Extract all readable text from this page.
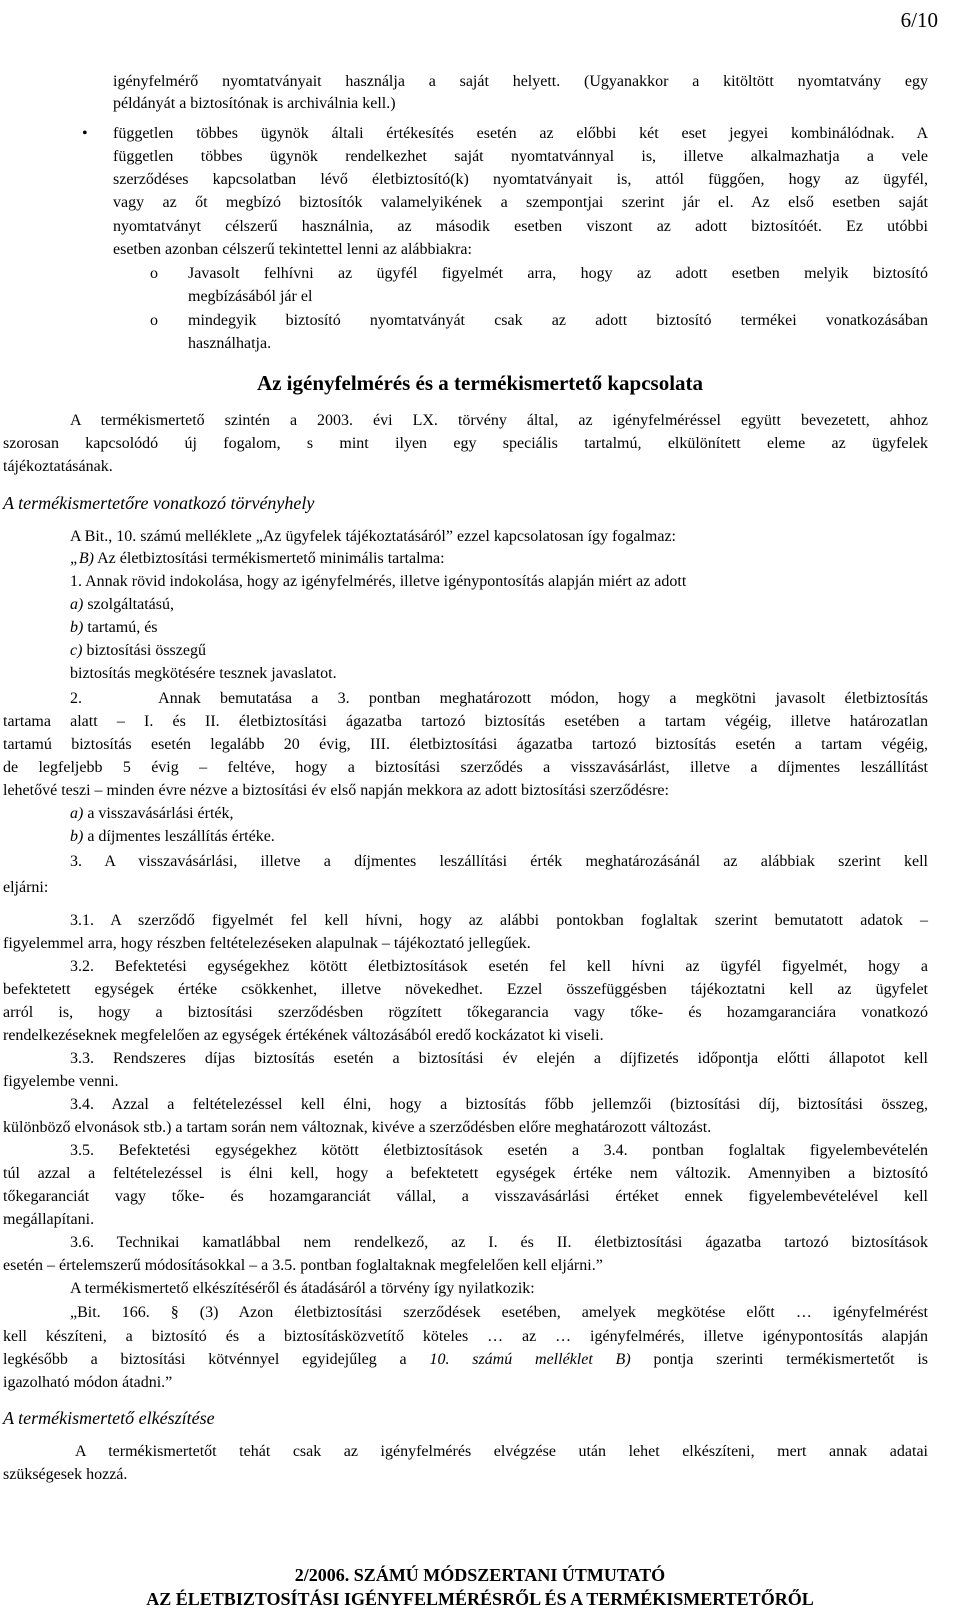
6/10
igényfelmérő nyomtatványait használja a saját helyett. (Ugyanakkor a kitöltött nyomtatvány egy
példányát a biztosítónak is archiválnia kell.)
• független többes ügynök általi értékesítés esetén az előbbi két eset jegyei kombinálódnak. A
független többes ügynök rendelkezhet saját nyomtatvánnyal is, illetve alkalmazhatja a vele
szerződéses kapcsolatban lévő életbiztosító(k) nyomtatványait is, attól függően, hogy az ügyfél,
vagy az őt megbízó biztosítók valamelyikének a szempontjai szerint jár el. Az első esetben saját
nyomtatványt célszerű használnia, az második esetben viszont az adott biztosítóét. Ez utóbbi
esetben azonban célszerű tekintettel lenni az alábbiakra:
o Javasolt felhívni az ügyfél figyelmét arra, hogy az adott esetben melyik biztosító
megbízásából jár el
o mindegyik biztosító nyomtatványát csak az adott biztosító termékei vonatkozásában
használhatja.
Az igényfelmérés és a termékismertető kapcsolata
A termékismertető szintén a 2003. évi LX. törvény által, az igényfelméréssel együtt bevezetett, ahhoz
szorosan kapcsolódó új fogalom, s mint ilyen egy speciális tartalmú, elkülönített eleme az ügyfelek
tájékoztatásának.
A termékismertetőre vonatkozó törvényhely
A Bit., 10. számú melléklete „Az ügyfelek tájékoztatásáról” ezzel kapcsolatosan így fogalmaz:
„B) Az életbiztosítási termékismertető minimális tartalma:
1. Annak rövid indokolása, hogy az igényfelmérés, illetve igénypontosítás alapján miért az adott
a) szolgáltatású,
b) tartamú, és
c) biztosítási összegű
biztosítás megkötésére tesznek javaslatot.
2.    Annak bemutatása a 3. pontban meghatározott módon, hogy a megkötni javasolt életbiztosítás
tartama alatt – I. és II. életbiztosítási ágazatba tartozó biztosítás esetében a tartam végéig, illetve határozatlan
tartamú biztosítás esetén legalább 20 évig, III. életbiztosítási ágazatba tartozó biztosítás esetén a tartam végéig,
de legfeljebb 5 évig – feltéve, hogy a biztosítási szerződés a visszavásárlást, illetve a díjmentes leszállítást
lehetővé teszi – minden évre nézve a biztosítási év első napján mekkora az adott biztosítási szerződésre:
a) a visszavásárlási érték,
b) a díjmentes leszállítás értéke.
3. A visszavásárlási, illetve a díjmentes leszállítási érték meghatározásánál az alábbiak szerint kell
eljárni:
3.1. A szerződő figyelmét fel kell hívni, hogy az alábbi pontokban foglaltak szerint bemutatott adatok –
figyelemmel arra, hogy részben feltételezéseken alapulnak – tájékoztató jellegűek.
3.2. Befektetési egységekhez kötött életbiztosítások esetén fel kell hívni az ügyfél figyelmét, hogy a
befektetett egységek értéke csökkenhet, illetve növekedhet. Ezzel összefüggésben tájékoztatni kell az ügyfelet
arról is, hogy a biztosítási szerződésben rögzített tőkegarancia vagy tőke- és hozamgaranciára vonatkozó
rendelkezéseknek megfelelően az egységek értékének változásából eredő kockázatot ki viseli.
3.3. Rendszeres díjas biztosítás esetén a biztosítási év elején a díjfizetés időpontja előtti állapotot kell
figyelembe venni.
3.4. Azzal a feltételezéssel kell élni, hogy a biztosítás főbb jellemzői (biztosítási díj, biztosítási összeg,
különböző elvonások stb.) a tartam során nem változnak, kivéve a szerződésben előre meghatározott változást.
3.5. Befektetési egységekhez kötött életbiztosítások esetén a 3.4. pontban foglaltak figyelembevételén
túl azzal a feltételezéssel is élni kell, hogy a befektetett egységek értéke nem változik. Amennyiben a biztosító
tőkegaranciát vagy tőke- és hozamgaranciát vállal, a visszavásárlási értéket ennek figyelembevételével kell
megállapítani.
3.6. Technikai kamatlábbal nem rendelkező, az I. és II. életbiztosítási ágazatba tartozó biztosítások
esetén – értelemszerű módosításokkal – a 3.5. pontban foglaltaknak megfelelően kell eljárni.”
A termékismertető elkészítéséről és átadásáról a törvény így nyilatkozik:
„Bit. 166. § (3) Azon életbiztosítási szerződések esetében, amelyek megkötése előtt … igényfelmérést
kell készíteni, a biztosító és a biztosításközvetítő köteles … az … igényfelmérés, illetve igénypontosítás alapján
legkésőbb a biztosítási kötvénnyel egyidejűleg a 10. számú melléklet B) pontja szerinti termékismertetőt is
igazolható módon átadni.”
A termékismertető elkészítése
A termékismertetőt tehát csak az igényfelmérés elvégzése után lehet elkészíteni, mert annak adatai
szükségesek hozzá.
2/2006. SZÁMÚ MÓDSZERTANI ÚTMUTATÓ
AZ ÉLETBIZTOSÍTÁSI IGÉNYFELMÉRÉSRŐL ÉS A TERMÉKISMERTETŐRŐL
